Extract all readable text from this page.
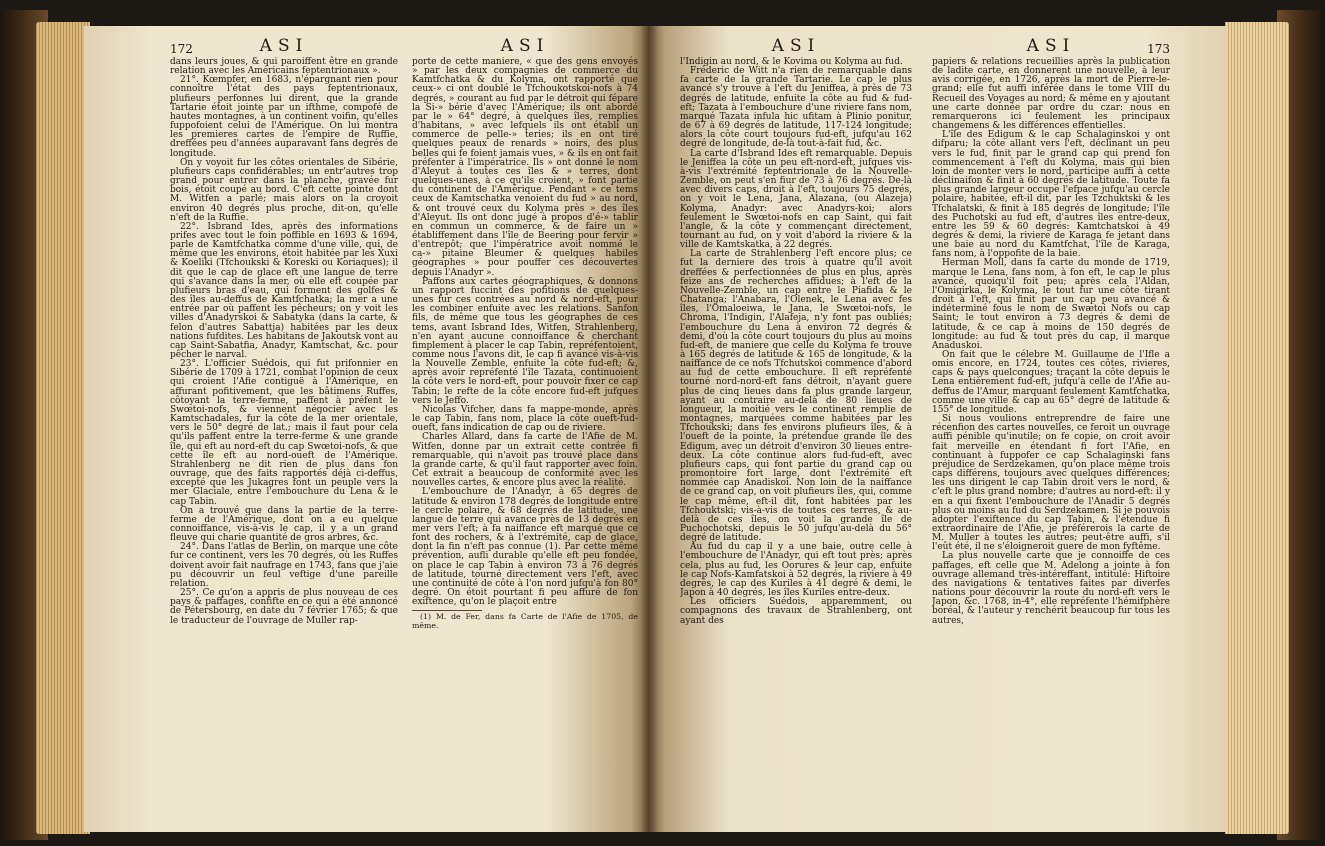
172	ASI

dans leurs joues, & qui paroiffent être en grande relation avec les Américains feptentrionaux ».

21°. Kœmpfer, en 1683, n'épargnant rien pour connoître l'état des pays feptentrionaux, plufieurs perfonnes lui dirent, que la grande Tartarie étoit jointe par un ifthme, compofé de hautes montagnes, à un continent voifin, qu'elles fuppofoient celui de l'Amérique. On lui montra les premieres cartes de l'empire de Ruffie, dreffées peu d'années auparavant fans degrés de longitude.

On y voyoit fur les côtes orientales de Sibérie, plufieurs caps confidérables; un entr'autres trop grand pour entrer dans la planche, gravée fur bois, étoit coupé au bord. C'eft cette pointe dont M. Witfen a parlé; mais alors on la croyoit environ 40 degrés plus proche, dit-on, qu'elle n'eft de la Ruffie.

22°. Isbrand Ides, après des informations prifes avec tout le foin poffible en 1693 & 1694, parle de Kamtfchatka comme d'une ville, qui, de même que les environs, étoit habitée par les Xuxi & Koeliki (Tfchoukski & Koreski ou Koriaques); il dit que le cap de glace eft une langue de terre qui s'avance dans la mer, où elle eft coupée par plufieurs bras d'eau, qui forment des golfes & des îles au-deffus de Kamtfchatka; la mer a une entrée par où paffent les pêcheurs; on y voit les villes d'Anadyrskoi & Sabatyka (dans la carte, & felon d'autres Sabattja) habitées par les deux nations fufdites. Les habitans de Jakoutsk vont au cap Saint-Sabatfia, Anadyr, Kamtschat, &c. pour pêcher le narval.

23°. L'officier Suédois, qui fut prifonnier en Sibérie de 1709 à 1721, combat l'opinion de ceux qui croient l'Afie contiguë à l'Amérique, en affurant pofitivement, que les bâtimens Ruffes, côtoyant la terre-ferme, paffent à préfent le Swœtoi-nofs, & viennent négocier avec les Kamtschadales, fur la côte de la mer orientale, vers le 50° degré de lat.; mais il faut pour cela qu'ils paffent entre la terre-ferme & une grande île, qui eft au nord-eft du cap Swœtoi-nofs, & que cette île eft au nord-oueft de l'Amérique. Strahlenberg ne dit rien de plus dans fon ouvrage, que des faits rapportés déjà ci-deffus, excepté que les Jukagres font un peuple vers la mer Glaciale, entre l'embouchure du Lena & le cap Tabin.

On a trouvé que dans la partie de la terre-ferme de l'Amérique, dont on a eu quelque connoiffance, vis-à-vis le cap, il y a un grand fleuve qui charie quantité de gros arbres, &c.

24°. Dans l'atlas de Berlin, on marque une côte fur ce continent, vers les 70 degrés, où les Ruffes doivent avoir fait naufrage en 1743, fans que j'aie pu découvrir un feul veftige d'une pareille relation.

25°. Ce qu'on a appris de plus nouveau de ces pays & paffages, confifte en ce qui a été annoncé de Pétersbourg, en date du 7 février 1765; & que le traducteur de l'ouvrage de Muller rap-

ASI

porte de cette maniere, « que des gens envoyés » par les deux compagnies de commerce du Kamtfchatka & du Kolyma, ont rapporté que ceux-» ci ont doublé le Tfchoukotskoi-nofs à 74 degrés, » courant au fud par le détroit qui fépare la Si-» bérie d'avec l'Amérique; ils ont abordé par le » 64° degré, à quelques îles, remplies d'habitans, » avec lefquels ils ont établi un commerce de pelle-» teries; ils en ont tiré quelques peaux de renards » noirs, des plus belles qui fe foient jamais vues, » & ils en ont fait préfenter à l'impératrice. Ils » ont donné le nom d'Aleyut à toutes ces îles & » terres, dont quelques-unes, à ce qu'ils croient, » font partie du continent de l'Amérique. Pendant » ce tems ceux de Kamtschatka venoient du fud » au nord, & ont trouvé ceux du Kolyma près » des îles d'Aleyut. Ils ont donc jugé à propos d'é-» tablir en commun un commerce, & de faire un » établiffement dans l'île de Beering pour fervir » d'entrepôt; que l'impératrice avoit nommé le ca-» pitaine Bleumer & quelques habiles géographes » pour pouffer ces découvertes depuis l'Anadyr ».

Paffons aux cartes géographiques, & donnons un rapport fuccint des pofitions de quelques-unes fur ces contrées au nord & nord-eft, pour les combiner enfuite avec les relations. Sanfon fils, de même que tous les géographes de ces tems, avant Isbrand Ides, Witfen, Strahlenberg, n'en ayant aucune connoiffance & cherchant fimplement à placer le cap Tabin, repréfentoient, comme nous l'avons dit, le cap fi avancé vis-à-vis la Nouvelle Zemble, enfuite la côte fud-eft; &, après avoir repréfenté l'île Tazata, continuoient la côte vers le nord-eft, pour pouvoir fixer ce cap Tabin; le refte de la côte encore fud-eft jufques vers le Jeffo.

Nicolas Vifcher, dans fa mappe-monde, après le cap Tabin, fans nom, place la côte oueft-fud-oueft, fans indication de cap ou de riviere.

Charles Allard, dans fa carte de l'Afie de M. Witfen, donne par un extrait cette contrée fi remarquable, qui n'avoit pas trouvé place dans la grande carte, & qu'il faut rapporter avec foin. Cet extrait a beaucoup de conformité avec les nouvelles cartes, & encore plus avec la réalité.

L'embouchure de l'Anadyr, à 65 degrés de latitude & environ 178 degrés de longitude entre le cercle polaire, & 68 degrés de latitude, une langue de terre qui avance près de 13 degrés en mer vers l'eft; à fa naiffance eft marqué que ce font des rochers, & à l'extrémité, cap de glace, dont la fin n'eft pas connue (1). Par cette même prévention, aufli durable qu'elle eft peu fondée, on place le cap Tabin à environ 73 à 76 degrés de latitude, tourné directement vers l'eft, avec une continuité de côte à l'on nord jufqu'à fon 80° degré. On étoit pourtant fi peu affuré de fon exiftence, qu'on le plaçoit entre

(1) M. de Fer, dans fa Carte de l'Afie de 1705, de même.

ASI

l'Indigin au nord, & le Kovima ou Kolyma au fud.

Fréderic de Witt n'a rien de remarquable dans fa carte de la grande Tartarie. Le cap le plus avancé s'y trouve à l'eft du Jeniffea, à près de 73 degrés de latitude, enfuite la côte au fud & fud-eft; Tazata à l'embouchure d'une riviere fans nom, marqué Tazata infula hic ufitam à Plinio ponitur, de 67 à 69 degrés de latitude, 117-124 longitude; alors la côte court toujours fud-eft, jufqu'au 162 degré de longitude, de-là tout-à-fait fud, &c.

La carte d'Isbrand Ides eft remarquable. Depuis le Jeniffea la côte un peu eft-nord-eft, jufques vis-à-vis l'extrémité feptentrionale de la Nouvelle-Zemble, on peut s'en fiur de 73 à 76 degrés. De-là avec divers caps, droit à l'eft, toujours 75 degrés, on y voit le Lena, Jana, Alazana, (ou Alazeja) Kolyma, Anadyr: avec Anadyrs-koi; alors feulement le Swœtoi-nofs en cap Saint, qui fait l'angle, & la côte y commençant directement, tournant au fud, on y voit d'abord la riviere & la ville de Kamtskatka, à 22 degrés.

La carte de Strahlenberg l'eft encore plus; ce fut la derniere des trois à quatre qu'il avoit dreffées & perfectionnées de plus en plus, après feize ans de recherches affidues; à l'eft de la Nouvelle-Zemble, un cap entre le Piafida & le Chatanga; l'Anabara, l'Olenek, le Lena avec fes îles, l'Omaloeiwa, le Jana, le Swœtoi-nofs, le Chroma, l'Indigin, l'Alafeja, n'y font pas oubliés; l'embouchure du Lena à environ 72 degrés & demi, d'où la côte court toujours du plus au moins fud-eft, de maniere que celle du Kolyma fe trouve à 165 degrés de latitude & 165 de longitude, & la naiffance de ce nofs Tfchutskoi commence d'abord au fud de cette embouchure. Il eft repréfenté tourné nord-nord-eft fans détroit, n'ayant guere plus de cinq lieues dans fa plus grande largeur, ayant au contraire au-delà de 80 lieues de longueur, la moitié vers le continent remplie de montagnes, marquées comme habitées par les Tfchoukski; dans fes environs plufieurs îles, & à l'oueft de la pointe, la prétendue grande île des Edigum, avec un détroit d'environ 30 lieues entre-deux. La côte continue alors fud-fud-eft, avec plufieurs caps, qui font partie du grand cap ou promontoire fort large, dont l'extrémité eft nommée cap Anadiskoi. Non loin de la naiffance de ce grand cap, on voit plufieurs îles, qui, comme le cap même, eft-il dit, font habitées par les Tfchouktski; vis-à-vis de toutes ces terres, & au-delà de ces îles, on voit la grande île de Puchochotski, depuis le 50 jufqu'au-delà du 56° degré de latitude.

Au fud du cap il y a une baie, outre celle à l'embouchure de l'Anadyr, qui eft tout près; après cela, plus au fud, les Oorures & leur cap, enfuite le cap Nofs-Kamfatskoi à 52 degrés, la riviere à 49 degrés, le cap des Kuriles à 41 degré & demi, le Japon à 40 degrés, les îles Kuriles entre-deux.

Les officiers Suédois, apparemment, ou compagnons des travaux de Strahlenberg, ont ayant des

ASI	173

papiers & relations recueillies après la publication de ladite carte, en donnerent une nouvelle, à leur avis corrigée, en 1726, après la mort de Pierre-le-grand; elle fut auffi inférée dans le tome VIII du Recueil des Voyages au nord; & même en y ajoutant une carte donnée par ordre du czar: nous en remarquerons ici feulement les principaux changemens & les différences effentielles.

L'île des Edigum & le cap Schalaginskoi y ont difparu; la côte allant vers l'eft, déclinant un peu vers le fud, finit par le grand cap qui prend fon commencement à l'eft du Kolyma, mais qui bien loin de monter vers le nord, participe auffi à cette déclinaifon & finit à 60 degrés de latitude. Toute fa plus grande largeur occupe l'efpace jufqu'au cercle polaire, habitée, eft-il dit, par les Tzchuktski & les Tfchalatski, & finit à 185 degrés de longitude; l'île des Puchotski au fud eft, d'autres îles entre-deux, entre les 59 & 60 degrés: Kamtchatskoi à 49 degrés & demi, la riviere de Karaga fe jetant dans une baie au nord du Kamtfchat, l'île de Karaga, fans nom, à l'oppofite de la baie.

Herman Moll, dans fa carte du monde de 1719, marque le Lena, fans nom, à fon eft, le cap le plus avancé, quoiqu'il foit peu; après cela l'Aldan, l'Omigirka, le Kolyma, le tout fur une côte tirant droit à l'eft, qui finit par un cap peu avancé & indéterminé fous le nom de Swætoi Nofs ou cap Saint; le tout environ à 73 degrés & demi de latitude, & ce cap à moins de 150 degrés de longitude: au fud & tout près du cap, il marque Anaduskoi.

On fait que le célebre M. Guillaume de l'Ifle a omis encore, en 1724, toutes ces côtes, rivieres, caps & pays quelconques; traçant la côte depuis le Lena entièrement fud-eft, jufqu'à celle de l'Afie au-deffus de l'Amur, marquant feulement Kamtfchatka, comme une ville & cap au 65° degré de latitude & 155° de longitude.

Si nous voulions entreprendre de faire une récenfion des cartes nouvelles, ce feroit un ouvrage auffi pénible qu'inutile; on fe copie, on croit avoir fait merveille en étendant fi fort l'Afie, en continuant à fuppofer ce cap Schalaginski fans préjudice de Serdzekamen, qu'on place même trois caps différens, toujours avec quelques différences; les uns dirigent le cap Tabin droit vers le nord, & c'eft le plus grand nombre; d'autres au nord-eft: il y en a qui fixent l'embouchure de l'Anadir 5 degrés plus ou moins au fud du Serdzekamen. Si je pouvois adopter l'exiftence du cap Tabin, & l'étendue fi extraordinaire de l'Afie, je préférerois la carte de M. Muller à toutes les autres; peut-être auffi, s'il l'eût été, il ne s'éloigneroit guere de mon fyftême.

La plus nouvelle carte que je connoiffe de ces paffages, eft celle que M. Adelong a jointe à fon ouvrage allemand très-intéreffant, intitulé: Hiftoire des navigations & tentatives faites par diverfes nations pour découvrir la route du nord-eft vers le Japon, &c. 1768, in-4°, elle repréfente l'hémifphère boréal, & l'auteur y renchérit beaucoup fur tous les autres,
